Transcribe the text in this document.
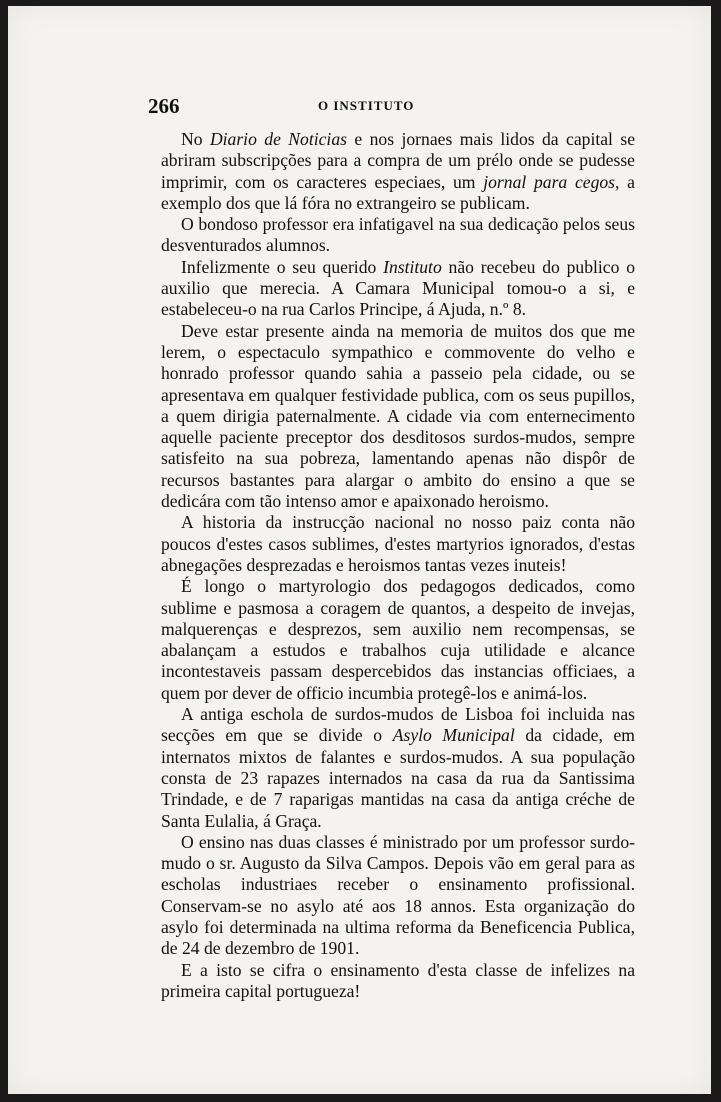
266	O INSTITUTO

No Diario de Noticias e nos jornaes mais lidos da capital se abriram subscripções para a compra de um prélo onde se pudesse imprimir, com os caracteres especiaes, um jornal para cegos, a exemplo dos que lá fóra no extrangeiro se publicam.

O bondoso professor era infatigavel na sua dedicação pelos seus desventurados alumnos.

Infelizmente o seu querido Instituto não recebeu do publico o auxilio que merecia. A Camara Municipal tomou-o a si, e estabeleceu-o na rua Carlos Principe, á Ajuda, n.º 8.

Deve estar presente ainda na memoria de muitos dos que me lerem, o espectaculo sympathico e commovente do velho e honrado professor quando sahia a passeio pela cidade, ou se apresentava em qualquer festividade publica, com os seus pupillos, a quem dirigia paternalmente. A cidade via com enternecimento aquelle paciente preceptor dos desditosos surdos-mudos, sempre satisfeito na sua pobreza, lamentando apenas não dispôr de recursos bastantes para alargar o ambito do ensino a que se dedicára com tão intenso amor e apaixonado heroismo.

A historia da instrucção nacional no nosso paiz conta não poucos d'estes casos sublimes, d'estes martyrios ignorados, d'estas abnegações desprezadas e heroismos tantas vezes inuteis!

É longo o martyrologio dos pedagogos dedicados, como sublime e pasmosa a coragem de quantos, a despeito de invejas, malquerenças e desprezos, sem auxilio nem recompensas, se abalançam a estudos e trabalhos cuja utilidade e alcance incontestaveis passam despercebidos das instancias officiaes, a quem por dever de officio incumbia protegê-los e animá-los.

A antiga eschola de surdos-mudos de Lisboa foi incluida nas secções em que se divide o Asylo Municipal da cidade, em internatos mixtos de falantes e surdos-mudos. A sua população consta de 23 rapazes internados na casa da rua da Santissima Trindade, e de 7 raparigas mantidas na casa da antiga créche de Santa Eulalia, á Graça.

O ensino nas duas classes é ministrado por um professor surdo-mudo o sr. Augusto da Silva Campos. Depois vão em geral para as escholas industriaes receber o ensinamento profissional. Conservam-se no asylo até aos 18 annos. Esta organização do asylo foi determinada na ultima reforma da Beneficencia Publica, de 24 de dezembro de 1901.

E a isto se cifra o ensinamento d'esta classe de infelizes na primeira capital portugueza!
